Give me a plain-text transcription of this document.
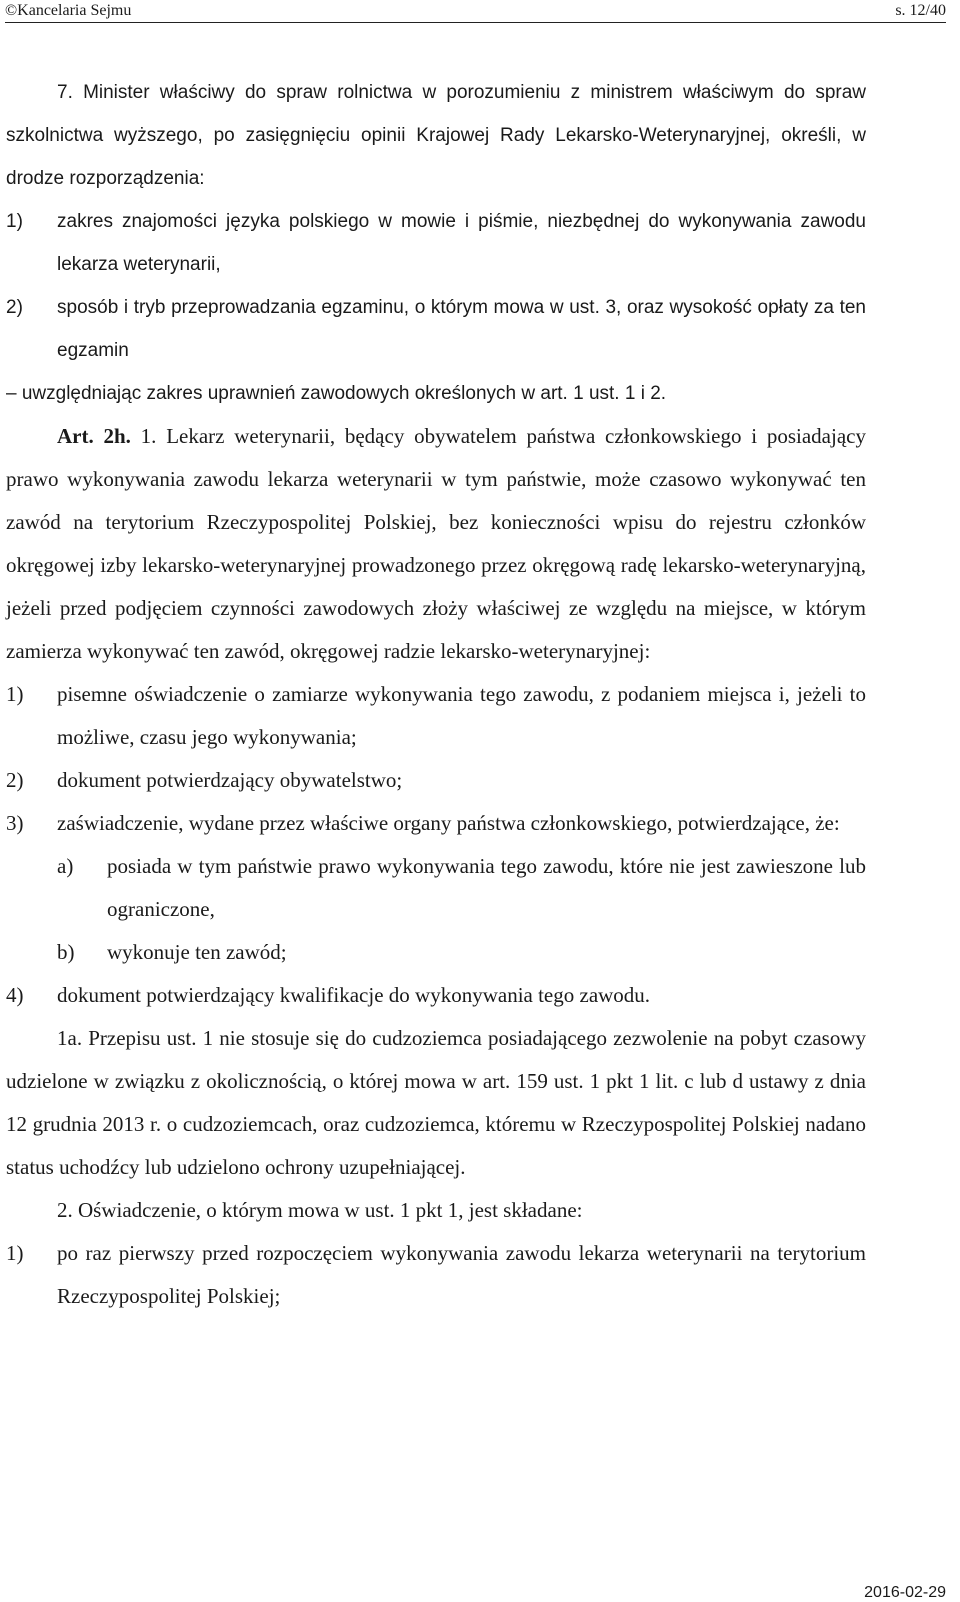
©Kancelaria Sejmu	s. 12/40
7. Minister właściwy do spraw rolnictwa w porozumieniu z ministrem właściwym do spraw szkolnictwa wyższego, po zasięgnięciu opinii Krajowej Rady Lekarsko-Weterynaryjnej, określi, w drodze rozporządzenia:
1)	zakres znajomości języka polskiego w mowie i piśmie, niezbędnej do wykonywania zawodu lekarza weterynarii,
2)	sposób i tryb przeprowadzania egzaminu, o którym mowa w ust. 3, oraz wysokość opłaty za ten egzamin
– uwzględniając zakres uprawnień zawodowych określonych w art. 1 ust. 1 i 2.
Art. 2h. 1. Lekarz weterynarii, będący obywatelem państwa członkowskiego i posiadający prawo wykonywania zawodu lekarza weterynarii w tym państwie, może czasowo wykonywać ten zawód na terytorium Rzeczypospolitej Polskiej, bez konieczności wpisu do rejestru członków okręgowej izby lekarsko-weterynaryjnej prowadzonego przez okręgową radę lekarsko-weterynaryjną, jeżeli przed podjęciem czynności zawodowych złoży właściwej ze względu na miejsce, w którym zamierza wykonywać ten zawód, okręgowej radzie lekarsko-weterynaryjnej:
1)	pisemne oświadczenie o zamiarze wykonywania tego zawodu, z podaniem miejsca i, jeżeli to możliwe, czasu jego wykonywania;
2)	dokument potwierdzający obywatelstwo;
3)	zaświadczenie, wydane przez właściwe organy państwa członkowskiego, potwierdzające, że:
a)	posiada w tym państwie prawo wykonywania tego zawodu, które nie jest zawieszone lub ograniczone,
b)	wykonuje ten zawód;
4)	dokument potwierdzający kwalifikacje do wykonywania tego zawodu.
1a. Przepisu ust. 1 nie stosuje się do cudzoziemca posiadającego zezwolenie na pobyt czasowy udzielone w związku z okolicznością, o której mowa w art. 159 ust. 1 pkt 1 lit. c lub d ustawy z dnia 12 grudnia 2013 r. o cudzoziemcach, oraz cudzoziemca, któremu w Rzeczypospolitej Polskiej nadano status uchodźcy lub udzielono ochrony uzupełniającej.
2. Oświadczenie, o którym mowa w ust. 1 pkt 1, jest składane:
1)	po raz pierwszy przed rozpoczęciem wykonywania zawodu lekarza weterynarii na terytorium Rzeczypospolitej Polskiej;
2016-02-29
